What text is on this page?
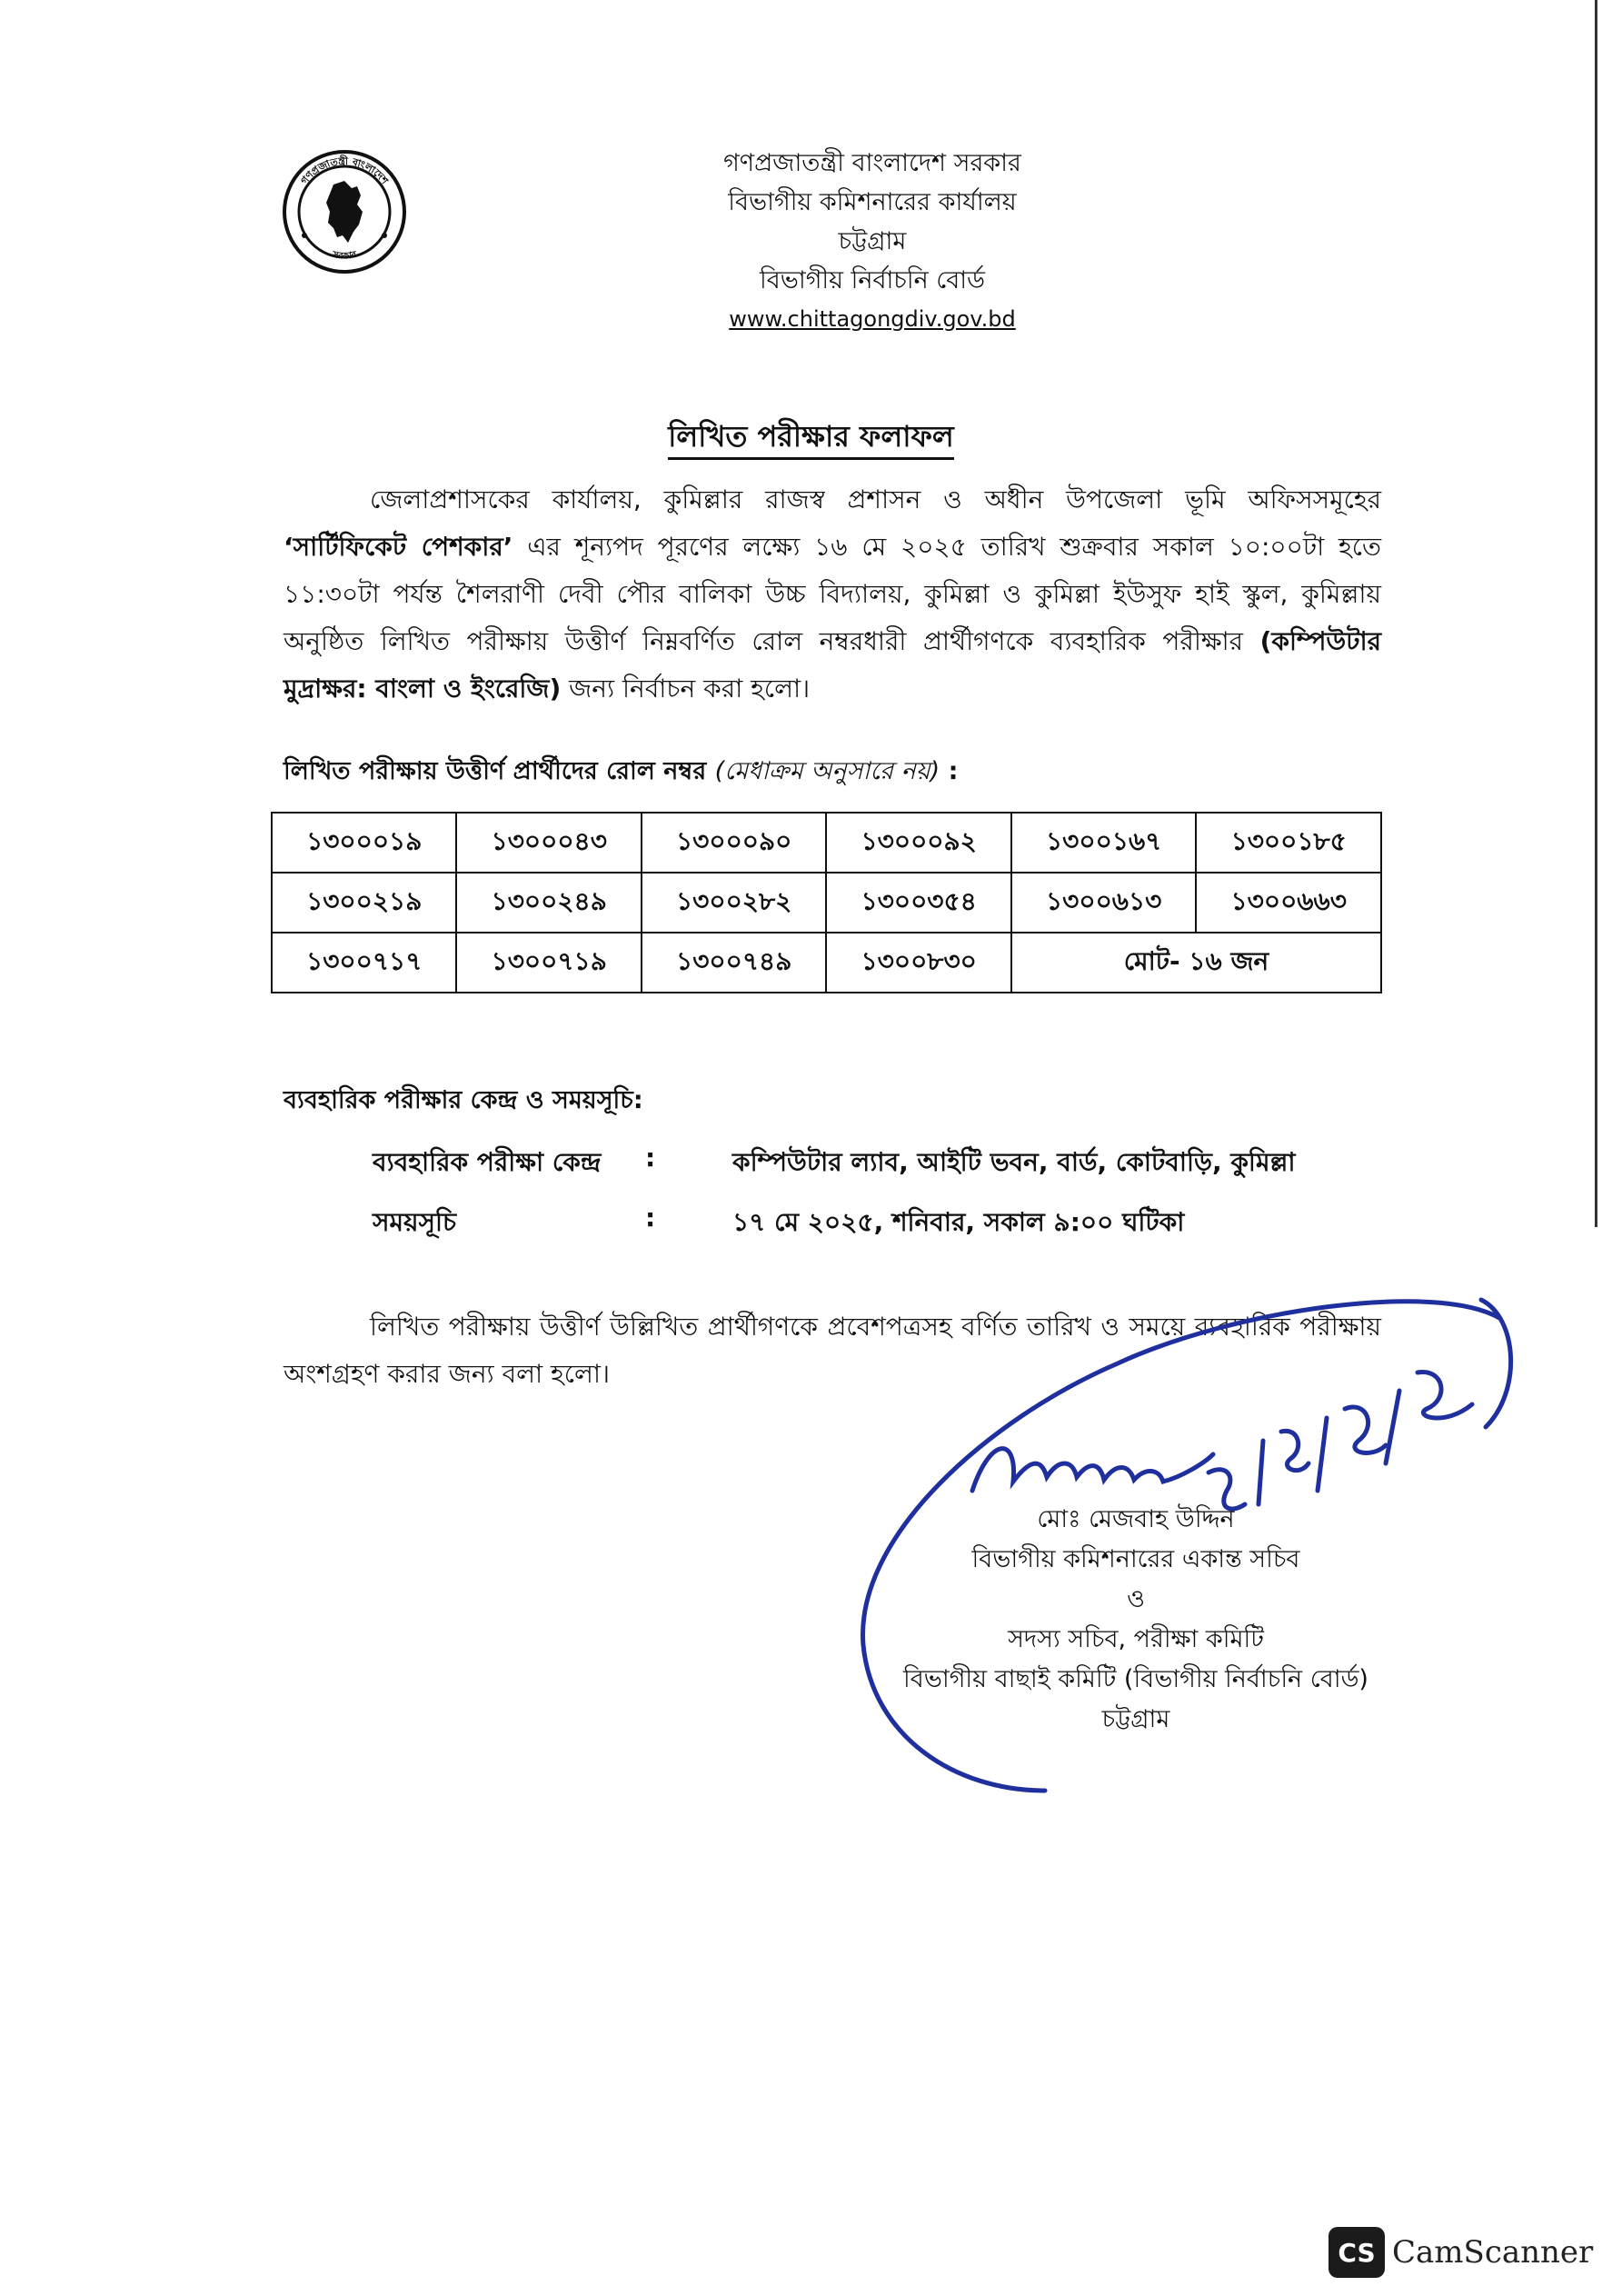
গণপ্রজাতন্ত্রী বাংলাদেশ
সরকার
গণপ্রজাতন্ত্রী বাংলাদেশ সরকার
বিভাগীয় কমিশনারের কার্যালয়
চট্টগ্রাম
বিভাগীয় নির্বাচনি বোর্ড
www.chittagongdiv.gov.bd
লিখিত পরীক্ষার ফলাফল
জেলাপ্রশাসকের কার্যালয়, কুমিল্লার রাজস্ব প্রশাসন ও অধীন উপজেলা ভূমি অফিসসমূহের ‘সার্টিফিকেট পেশকার’ এর শূন্যপদ পূরণের লক্ষ্যে ১৬ মে ২০২৫ তারিখ শুক্রবার সকাল ১০:০০টা হতে ১১:৩০টা পর্যন্ত শৈলরাণী দেবী পৌর বালিকা উচ্চ বিদ্যালয়, কুমিল্লা ও কুমিল্লা ইউসুফ হাই স্কুল, কুমিল্লায় অনুষ্ঠিত লিখিত পরীক্ষায় উত্তীর্ণ নিম্নবর্ণিত রোল নম্বরধারী প্রার্থীগণকে ব্যবহারিক পরীক্ষার (কম্পিউটার মুদ্রাক্ষর: বাংলা ও ইংরেজি) জন্য নির্বাচন করা হলো।
লিখিত পরীক্ষায় উত্তীর্ণ প্রার্থীদের রোল নম্বর (মেধাক্রম অনুসারে নয়) :
১৩০০০১৯	১৩০০০৪৩	১৩০০০৯০	১৩০০০৯২	১৩০০১৬৭	১৩০০১৮৫
১৩০০২১৯	১৩০০২৪৯	১৩০০২৮২	১৩০০৩৫৪	১৩০০৬১৩	১৩০০৬৬৩
১৩০০৭১৭	১৩০০৭১৯	১৩০০৭৪৯	১৩০০৮৩০	মোট- ১৬ জন	
ব্যবহারিক পরীক্ষার কেন্দ্র ও সময়সূচি:
ব্যবহারিক পরীক্ষা কেন্দ্র :	কম্পিউটার ল্যাব, আইটি ভবন, বার্ড, কোটবাড়ি, কুমিল্লা
সময়সূচি	:	১৭ মে ২০২৫, শনিবার, সকাল ৯:০০ ঘটিকা
লিখিত পরীক্ষায় উত্তীর্ণ উল্লিখিত প্রার্থীগণকে প্রবেশপত্রসহ বর্ণিত তারিখ ও সময়ে ব্যবহারিক পরীক্ষায় অংশগ্রহণ করার জন্য বলা হলো।
মোঃ মেজবাহ উদ্দিন
বিভাগীয় কমিশনারের একান্ত সচিব
ও
সদস্য সচিব, পরীক্ষা কমিটি
বিভাগীয় বাছাই কমিটি (বিভাগীয় নির্বাচনি বোর্ড)
চট্টগ্রাম
CS CamScanner
